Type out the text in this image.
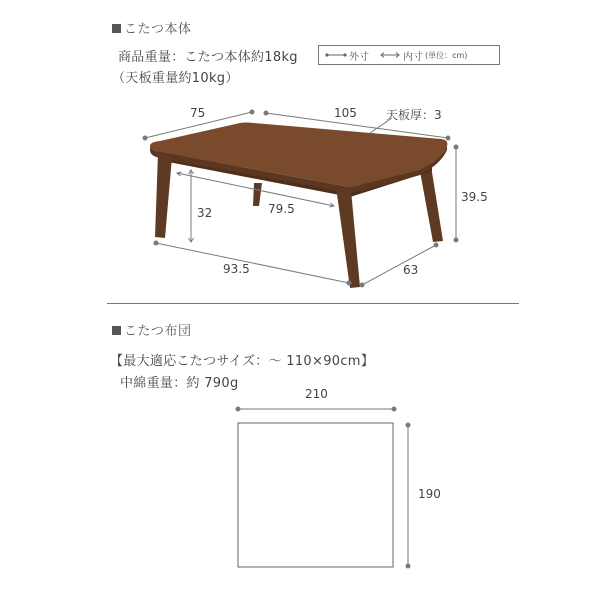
こたつ本体
商品重量：こたつ本体約18kg
（天板重量約10kg）
外寸	内寸 (単位：cm)
75	105 天板厚：3
39.5
32	79.5
93.5	63
こたつ布団
【最大適応こたつサイズ：～ 110×90cm】
中綿重量：約 790g
210
190
